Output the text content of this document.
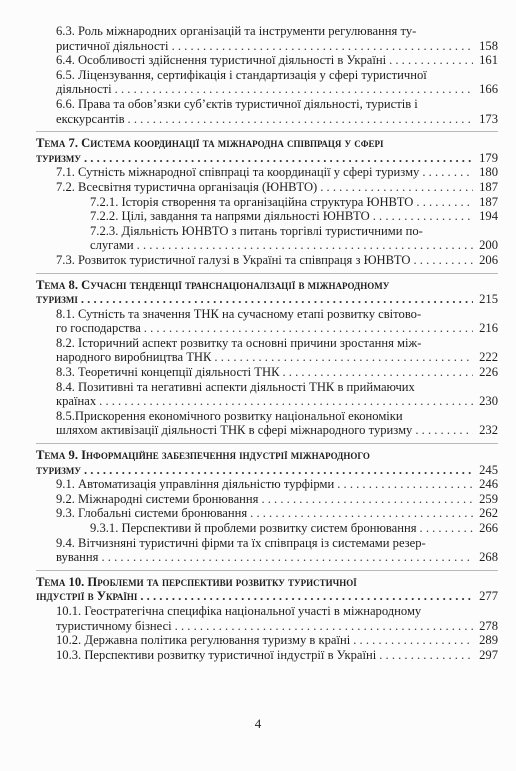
6.3. Роль міжнародних організацій та інструменти регулювання ту-
ристичної діяльності . . .	158
6.4. Особливості здійснення туристичної діяльності в Україні . . .	161
6.5. Ліцензування, сертифікація і стандартизація у сфері туристичної
діяльності . . .	166
6.6. Права та обов’язки суб’єктів туристичної діяльності, туристів і
екскурсантів . . .	173
Тема 7. Система координації та міжнародна співпраця у сфері
туризму . . .	179
7.1. Сутність міжнародної співпраці та координації у сфері туризму . . .	180
7.2. Всесвітня туристична організація (ЮНВТО) . . .	187
7.2.1. Історія створення та організаційна структура ЮНВТО . . .	187
7.2.2. Цілі, завдання та напрями діяльності ЮНВТО . . .	194
7.2.3. Діяльність ЮНВТО з питань торгівлі туристичними по-
слугами . . .	200
7.3. Розвиток туристичної галузі в Україні та співпраця з ЮНВТО . . .	206
Тема 8. Сучасні тенденції транснаціоналізації в міжнародному
туризмі . . .	215
8.1. Сутність та значення ТНК на сучасному етапі розвитку світово-
го господарства . . .	216
8.2. Історичний аспект розвитку та основні причини зростання між-
народного виробництва ТНК . . .	222
8.3. Теоретичні концепції діяльності ТНК . . .	226
8.4. Позитивні та негативні аспекти діяльності ТНК в приймаючих
країнах . . .	230
8.5.Прискорення економічного розвитку національної економіки
шляхом активізації діяльності ТНК в сфері міжнародного туризму . . .	232
Тема 9. Інформаційне забезпечення індустрії міжнародного
туризму . . .	245
9.1. Автоматизація управління діяльністю турфірми . . .	246
9.2. Міжнародні системи бронювання . . .	259
9.3. Глобальні системи бронювання . . .	262
9.3.1. Перспективи й проблеми розвитку систем бронювання . . .	266
9.4. Вітчизняні туристичні фірми та їх співпраця із системами резер-
вування . . .	268
Тема 10. Проблеми та перспективи розвитку туристичної
індустрії в Україні . . .	277
10.1. Геостратегічна специфіка національної участі в міжнародному
туристичному бізнесі . . .	278
10.2. Державна політика регулювання туризму в країні . . .	289
10.3. Перспективи розвитку туристичної індустрії в Україні . . .	297
4
